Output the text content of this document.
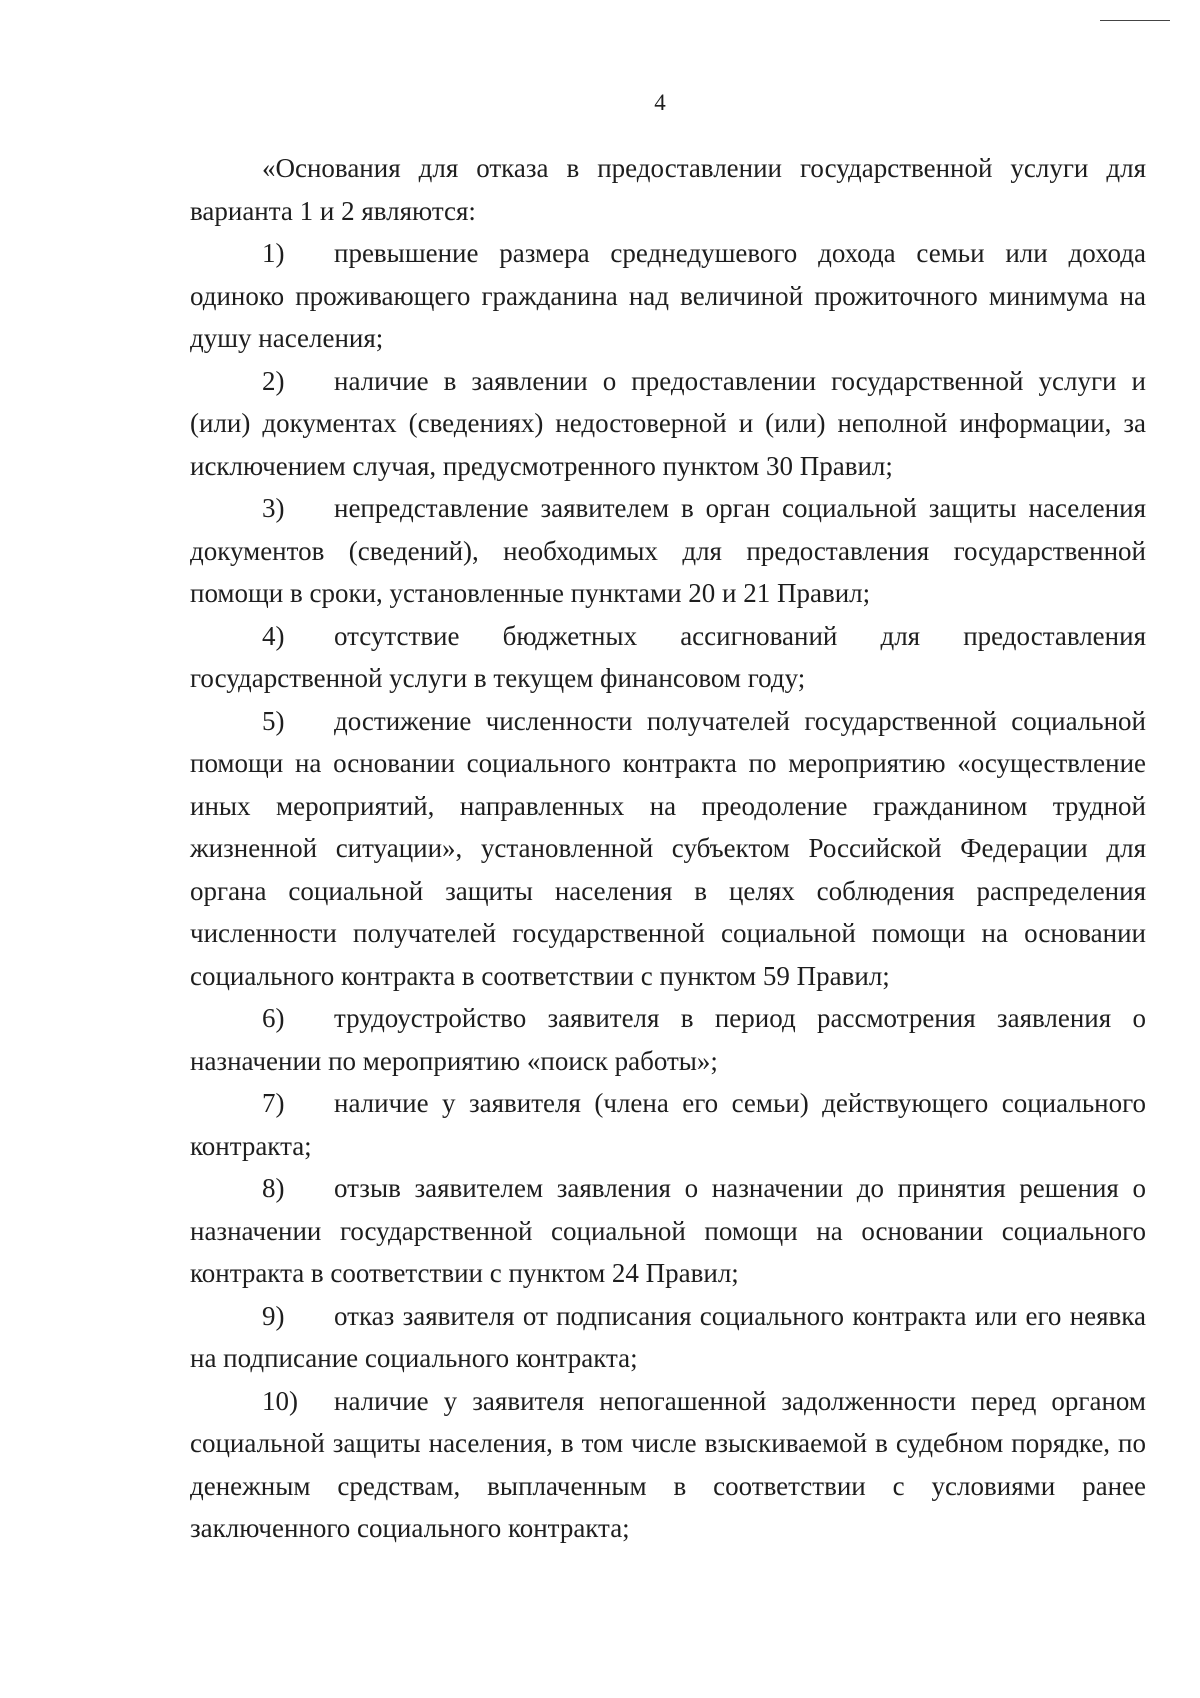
4

«Основания для отказа в предоставлении государственной услуги для варианта 1 и 2 являются:

1) превышение размера среднедушевого дохода семьи или дохода одиноко проживающего гражданина над величиной прожиточного минимума на душу населения;

2) наличие в заявлении о предоставлении государственной услуги и (или) документах (сведениях) недостоверной и (или) неполной информации, за исключением случая, предусмотренного пунктом 30 Правил;

3) непредставление заявителем в орган социальной защиты населения документов (сведений), необходимых для предоставления государственной помощи в сроки, установленные пунктами 20 и 21 Правил;

4) отсутствие бюджетных ассигнований для предоставления государственной услуги в текущем финансовом году;

5) достижение численности получателей государственной социальной помощи на основании социального контракта по мероприятию «осуществление иных мероприятий, направленных на преодоление гражданином трудной жизненной ситуации», установленной субъектом Российской Федерации для органа социальной защиты населения в целях соблюдения распределения численности получателей государственной социальной помощи на основании социального контракта в соответствии с пунктом 59 Правил;

6) трудоустройство заявителя в период рассмотрения заявления о назначении по мероприятию «поиск работы»;

7) наличие у заявителя (члена его семьи) действующего социального контракта;

8) отзыв заявителем заявления о назначении до принятия решения о назначении государственной социальной помощи на основании социального контракта в соответствии с пунктом 24 Правил;

9) отказ заявителя от подписания социального контракта или его неявка на подписание социального контракта;

10) наличие у заявителя непогашенной задолженности перед органом социальной защиты населения, в том числе взыскиваемой в судебном порядке, по денежным средствам, выплаченным в соответствии с условиями ранее заключенного социального контракта;
